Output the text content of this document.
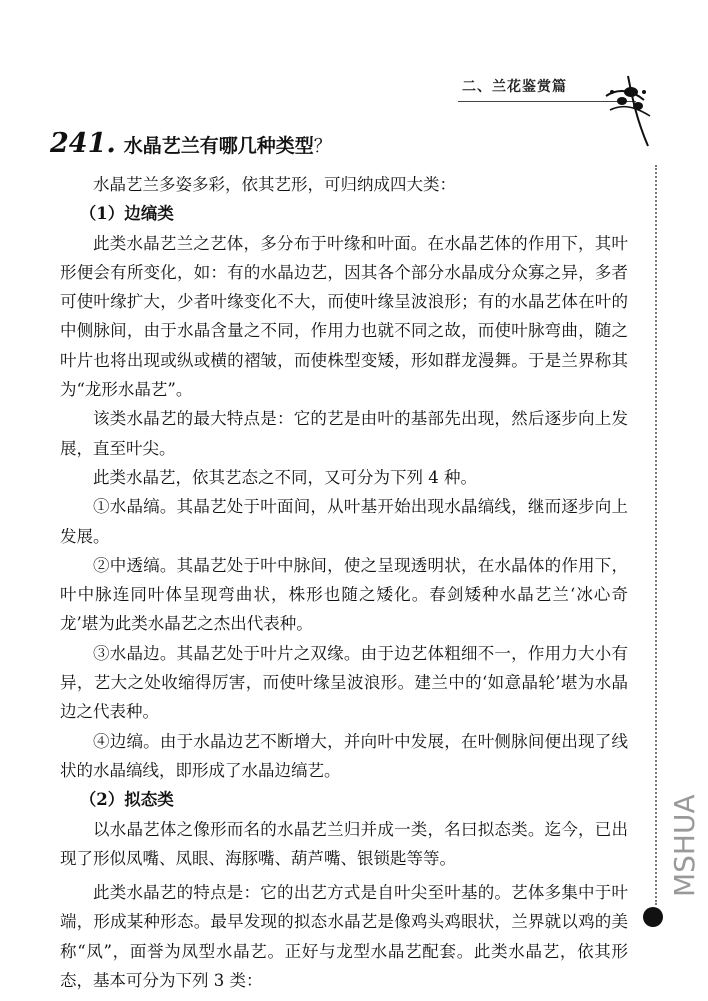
二、兰花鉴赏篇
MSHUA
241. 水晶艺兰有哪几种类型？

水晶艺兰多姿多彩，依其艺形，可归纳成四大类：

（1）边缟类

此类水晶艺兰之艺体，多分布于叶缘和叶面。在水晶艺体的作用下，其叶形便会有所变化，如：有的水晶边艺，因其各个部分水晶成分众寡之异，多者可使叶缘扩大，少者叶缘变化不大，而使叶缘呈波浪形；有的水晶艺体在叶的中侧脉间，由于水晶含量之不同，作用力也就不同之故，而使叶脉弯曲，随之叶片也将出现或纵或横的褶皱，而使株型变矮，形如群龙漫舞。于是兰界称其为“龙形水晶艺”。

该类水晶艺的最大特点是：它的艺是由叶的基部先出现，然后逐步向上发展，直至叶尖。

此类水晶艺，依其艺态之不同，又可分为下列 4 种。

①水晶缟。其晶艺处于叶面间，从叶基开始出现水晶缟线，继而逐步向上发展。

②中透缟。其晶艺处于叶中脉间，使之呈现透明状，在水晶体的作用下，叶中脉连同叶体呈现弯曲状，株形也随之矮化。春剑矮种水晶艺兰‘冰心奇龙’堪为此类水晶艺之杰出代表种。

③水晶边。其晶艺处于叶片之双缘。由于边艺体粗细不一，作用力大小有异，艺大之处收缩得厉害，而使叶缘呈波浪形。建兰中的‘如意晶轮’堪为水晶边之代表种。

④边缟。由于水晶边艺不断增大，并向叶中发展，在叶侧脉间便出现了线状的水晶缟线，即形成了水晶边缟艺。

（2）拟态类

以水晶艺体之像形而名的水晶艺兰归并成一类，名曰拟态类。迄今，已出现了形似凤嘴、凤眼、海豚嘴、葫芦嘴、银锁匙等等。

此类水晶艺的特点是：它的出艺方式是自叶尖至叶基的。艺体多集中于叶端，形成某种形态。最早发现的拟态水晶艺是像鸡头鸡眼状，兰界就以鸡的美称“凤”，面誉为凤型水晶艺。正好与龙型水晶艺配套。此类水晶艺，依其形态，基本可分为下列 3 类：
